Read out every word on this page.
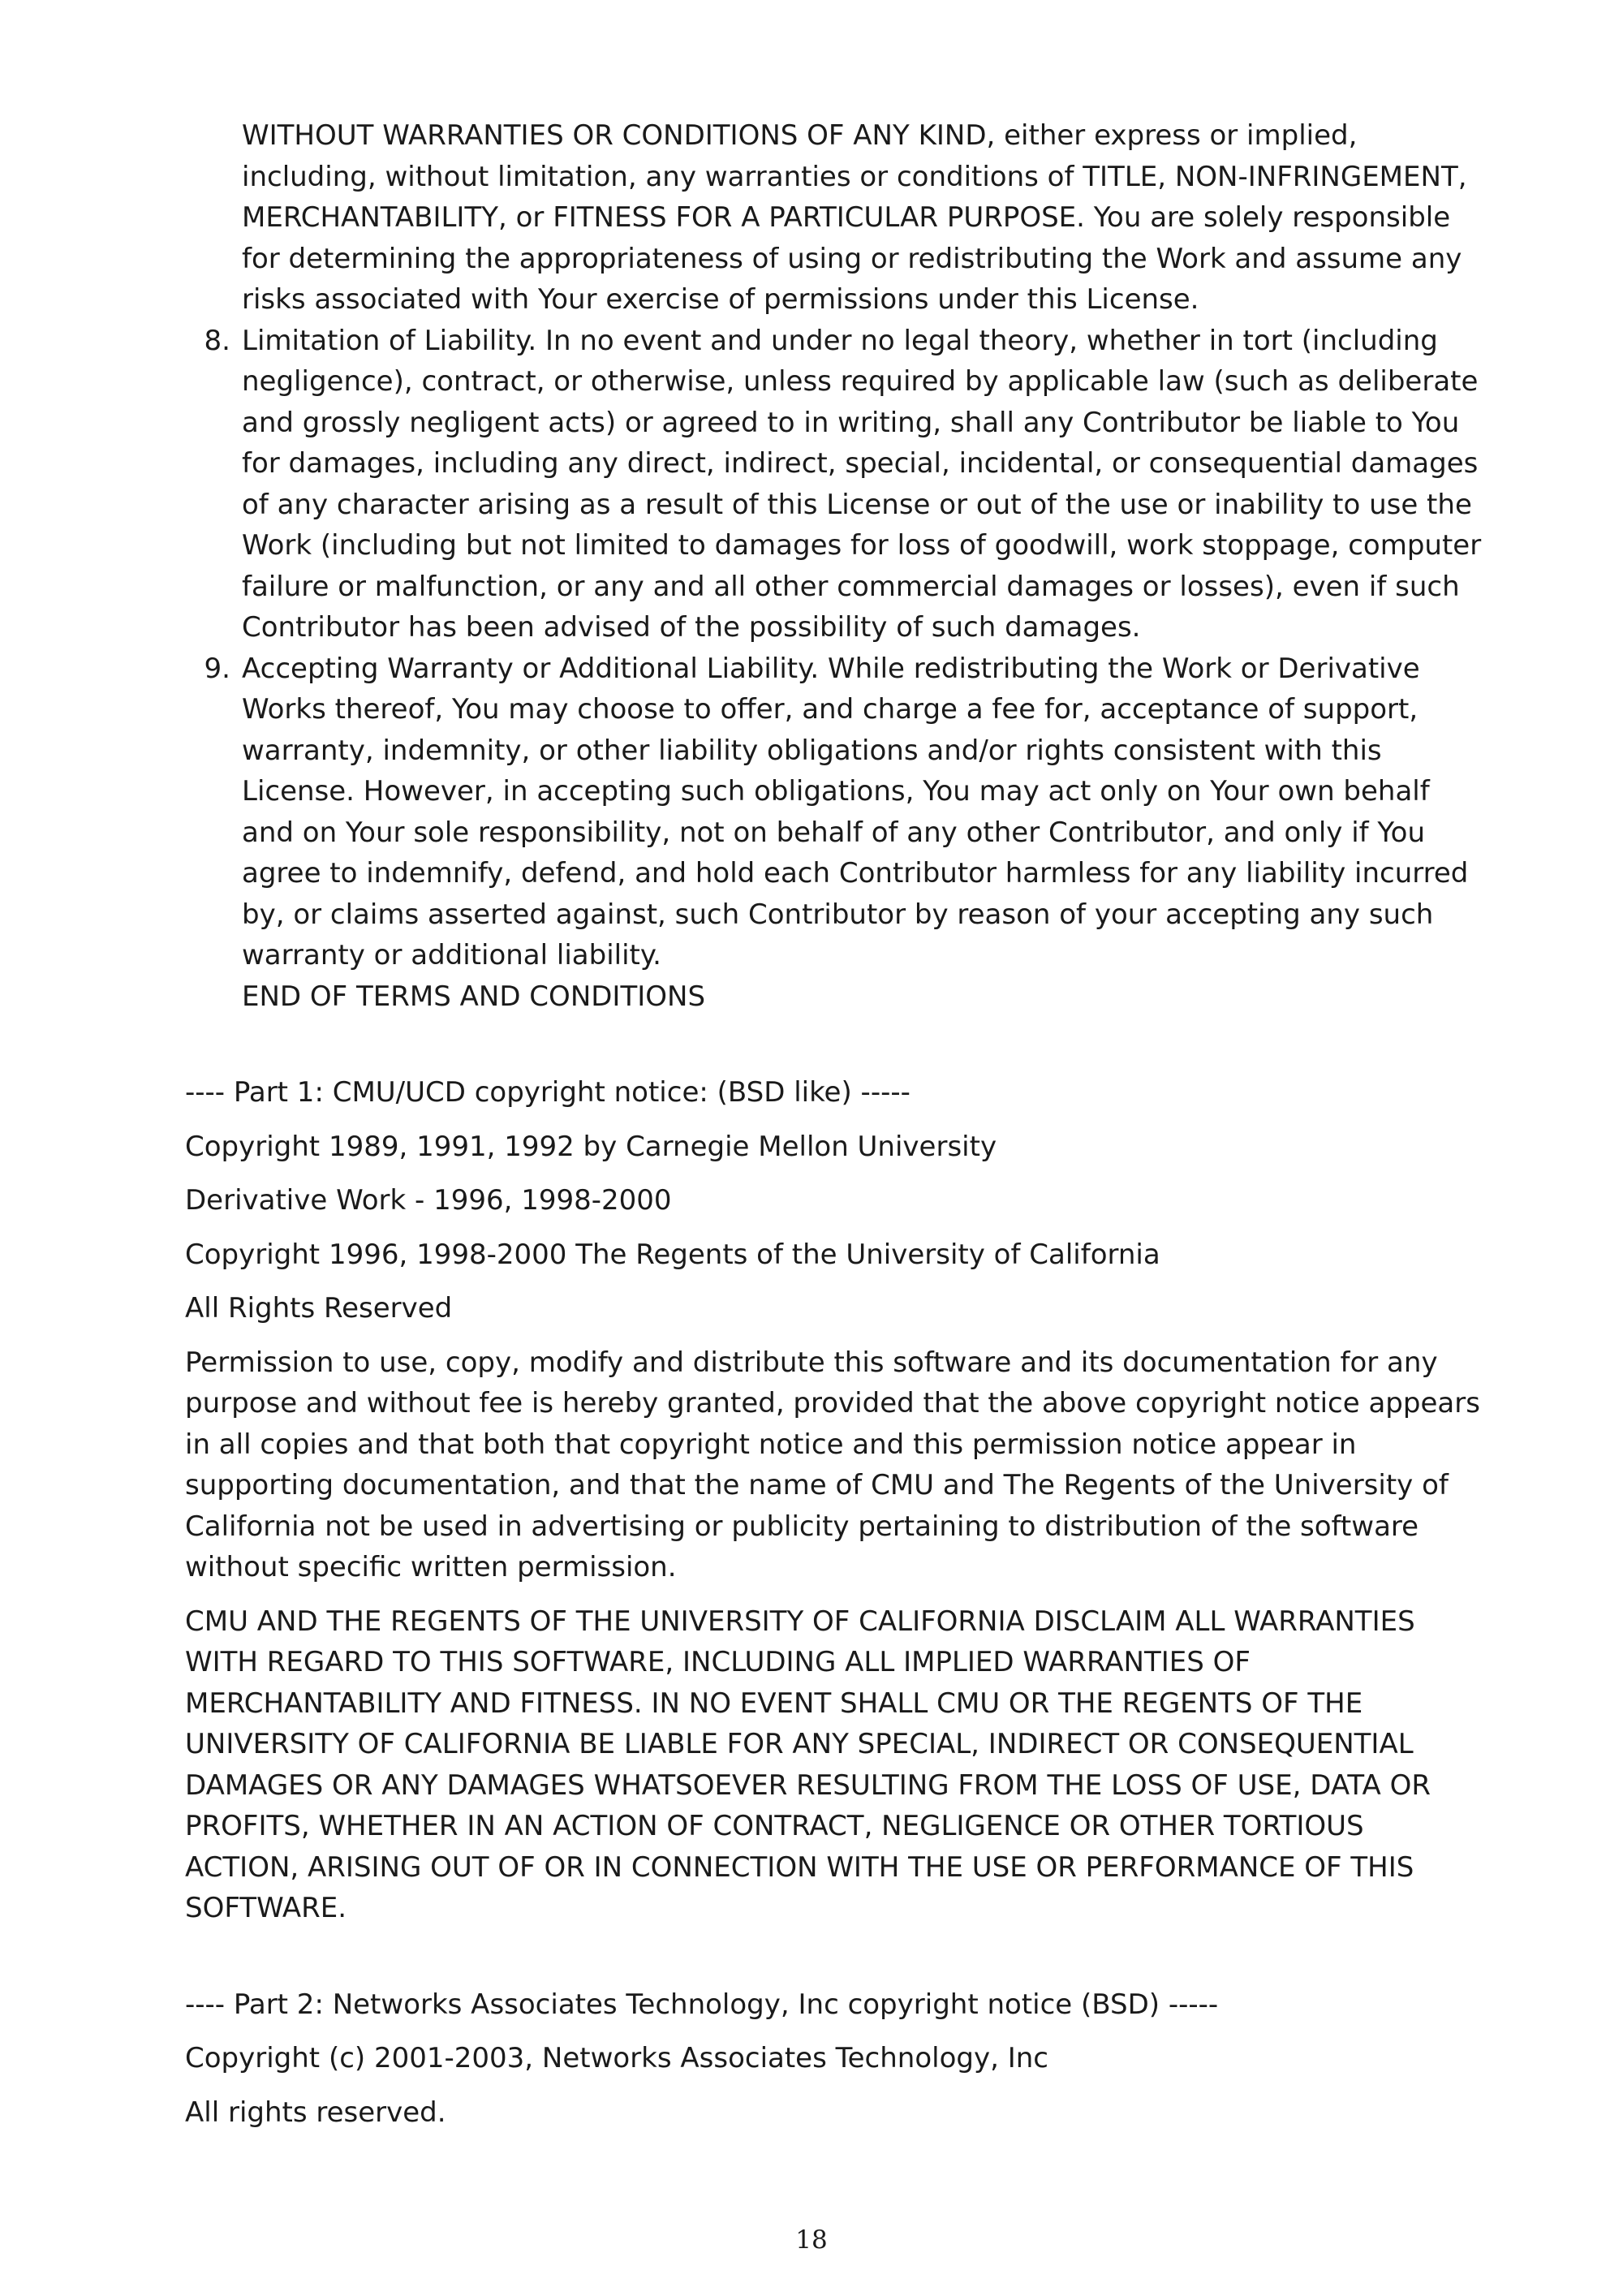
WITHOUT WARRANTIES OR CONDITIONS OF ANY KIND, either express or implied, including, without limitation, any warranties or conditions of TITLE, NON-INFRINGEMENT, MERCHANTABILITY, or FITNESS FOR A PARTICULAR PURPOSE. You are solely responsible for determining the appropriateness of using or redistributing the Work and assume any risks associated with Your exercise of permissions under this License.

8. Limitation of Liability. In no event and under no legal theory, whether in tort (including negligence), contract, or otherwise, unless required by applicable law (such as deliberate and grossly negligent acts) or agreed to in writing, shall any Contributor be liable to You for damages, including any direct, indirect, special, incidental, or consequential damages of any character arising as a result of this License or out of the use or inability to use the Work (including but not limited to damages for loss of goodwill, work stoppage, computer failure or malfunction, or any and all other commercial damages or losses), even if such Contributor has been advised of the possibility of such damages.
9. Accepting Warranty or Additional Liability. While redistributing the Work or Derivative Works thereof, You may choose to offer, and charge a fee for, acceptance of support, warranty, indemnity, or other liability obligations and/or rights consistent with this License. However, in accepting such obligations, You may act only on Your own behalf and on Your sole responsibility, not on behalf of any other Contributor, and only if You agree to indemnify, defend, and hold each Contributor harmless for any liability incurred by, or claims asserted against, such Contributor by reason of your accepting any such warranty or additional liability.

END OF TERMS AND CONDITIONS

---- Part 1: CMU/UCD copyright notice: (BSD like) -----

Copyright 1989, 1991, 1992 by Carnegie Mellon University

Derivative Work - 1996, 1998-2000

Copyright 1996, 1998-2000 The Regents of the University of California

All Rights Reserved

Permission to use, copy, modify and distribute this software and its documentation for any purpose and without fee is hereby granted, provided that the above copyright notice appears in all copies and that both that copyright notice and this permission notice appear in supporting documentation, and that the name of CMU and The Regents of the University of California not be used in advertising or publicity pertaining to distribution of the software without specific written permission.

CMU AND THE REGENTS OF THE UNIVERSITY OF CALIFORNIA DISCLAIM ALL WARRANTIES WITH REGARD TO THIS SOFTWARE, INCLUDING ALL IMPLIED WARRANTIES OF MERCHANTABILITY AND FITNESS. IN NO EVENT SHALL CMU OR THE REGENTS OF THE UNIVERSITY OF CALIFORNIA BE LIABLE FOR ANY SPECIAL, INDIRECT OR CONSEQUENTIAL DAMAGES OR ANY DAMAGES WHATSOEVER RESULTING FROM THE LOSS OF USE, DATA OR PROFITS, WHETHER IN AN ACTION OF CONTRACT, NEGLIGENCE OR OTHER TORTIOUS ACTION, ARISING OUT OF OR IN CONNECTION WITH THE USE OR PERFORMANCE OF THIS SOFTWARE.

---- Part 2: Networks Associates Technology, Inc copyright notice (BSD) -----

Copyright (c) 2001-2003, Networks Associates Technology, Inc

All rights reserved.

18
